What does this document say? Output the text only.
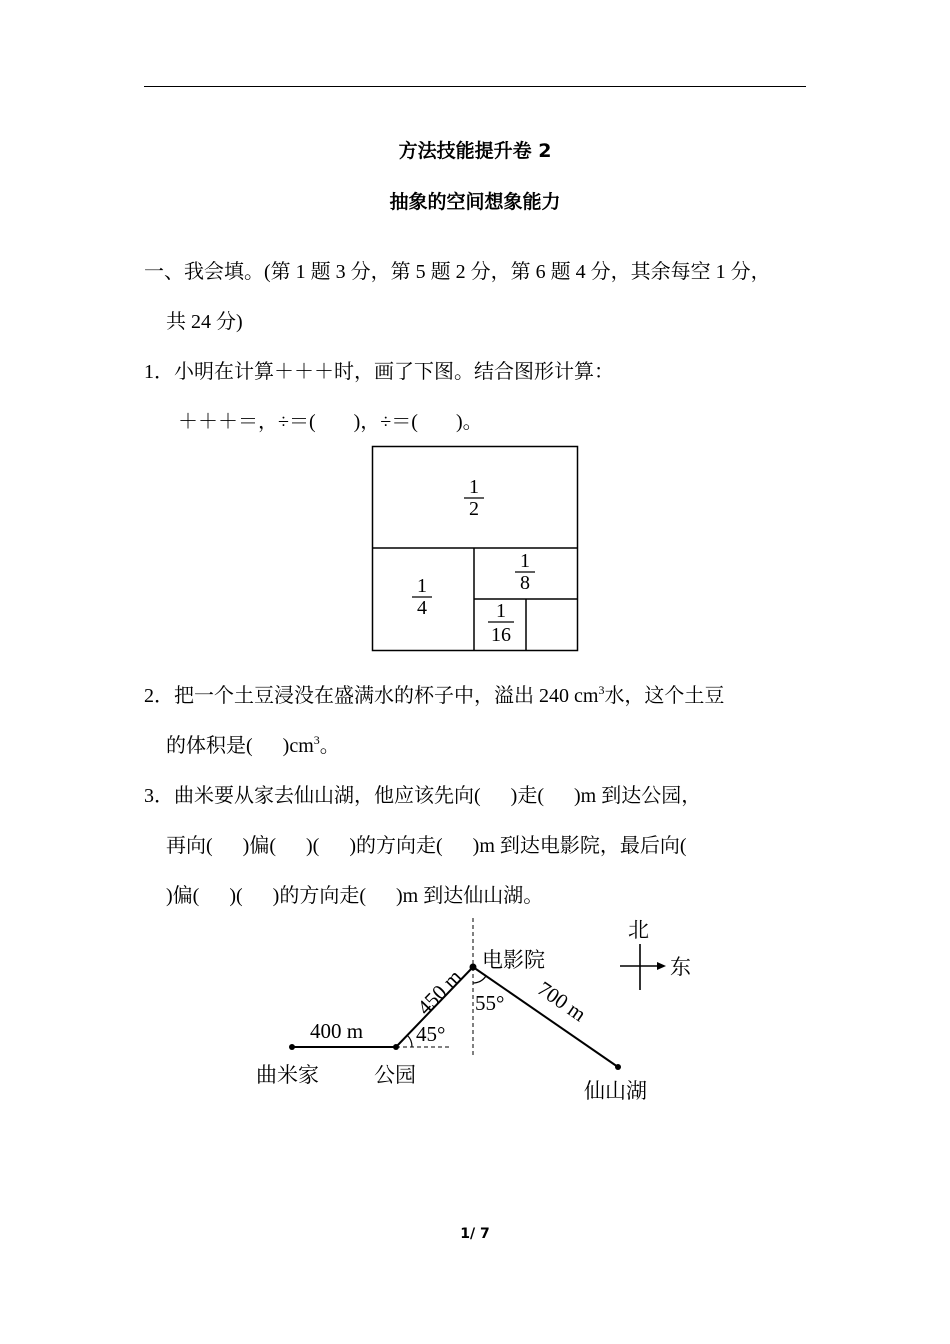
方法技能提升卷 2
抽象的空间想象能力
一、我会填。(第 1 题 3 分，第 5 题 2 分，第 6 题 4 分，其余每空 1 分，
共 24 分)
1．小明在计算＋＋＋时，画了下图。结合图形计算：
＋＋＋＝，÷＝( )，÷＝( )。
1
2
1
4
1
8
1
16
2．把一个土豆浸没在盛满水的杯子中，溢出 240 $cm^3$水，这个土豆
的体积是( )$cm^3$。
3．曲米要从家去仙山湖，他应该先向( )走( )m 到达公园，
再向( )偏( )( )的方向走( )m 到达电影院，最后向(
)偏( )( )的方向走( )m 到达仙山湖。
曲米家	公园
电影院
仙山湖
北
东
400 m
450 m	700 m
45°
55°
1/ 7
